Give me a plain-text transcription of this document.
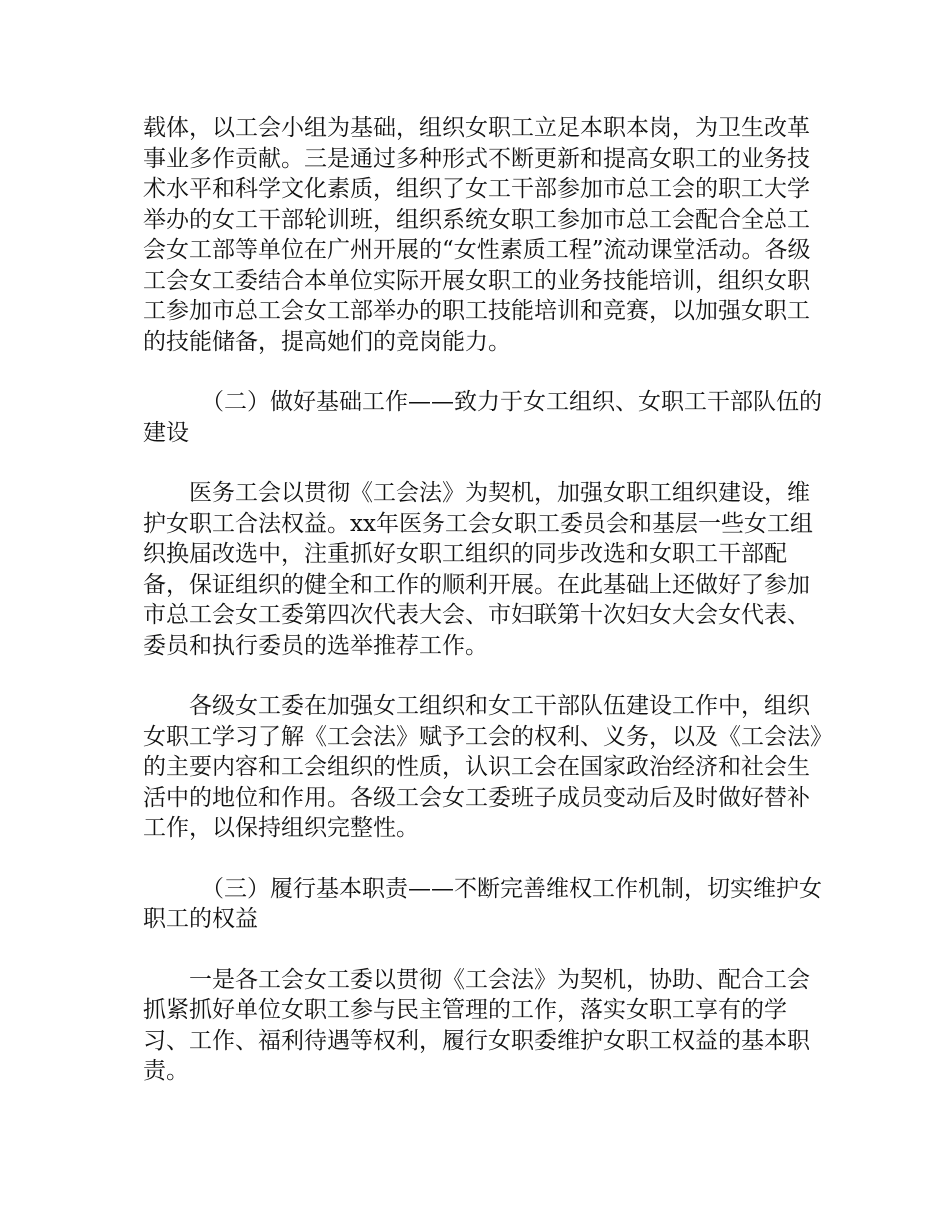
载体，以工会小组为基础，组织女职工立足本职本岗，为卫生改革事业多作贡献。三是通过多种形式不断更新和提高女职工的业务技术水平和科学文化素质，组织了女工干部参加市总工会的职工大学举办的女工干部轮训班，组织系统女职工参加市总工会配合全总工会女工部等单位在广州开展的“女性素质工程”流动课堂活动。各级工会女工委结合本单位实际开展女职工的业务技能培训，组织女职工参加市总工会女工部举办的职工技能培训和竞赛，以加强女职工的技能储备，提高她们的竞岗能力。

（二）做好基础工作——致力于女工组织、女职工干部队伍的建设

医务工会以贯彻《工会法》为契机，加强女职工组织建设，维护女职工合法权益。xx年医务工会女职工委员会和基层一些女工组织换届改选中，注重抓好女职工组织的同步改选和女职工干部配备，保证组织的健全和工作的顺利开展。在此基础上还做好了参加市总工会女工委第四次代表大会、市妇联第十次妇女大会女代表、委员和执行委员的选举推荐工作。

各级女工委在加强女工组织和女工干部队伍建设工作中，组织女职工学习了解《工会法》赋予工会的权利、义务，以及《工会法》的主要内容和工会组织的性质，认识工会在国家政治经济和社会生活中的地位和作用。各级工会女工委班子成员变动后及时做好替补工作，以保持组织完整性。

（三）履行基本职责——不断完善维权工作机制，切实维护女职工的权益

一是各工会女工委以贯彻《工会法》为契机，协助、配合工会抓紧抓好单位女职工参与民主管理的工作，落实女职工享有的学习、工作、福利待遇等权利，履行女职委维护女职工权益的基本职责。
